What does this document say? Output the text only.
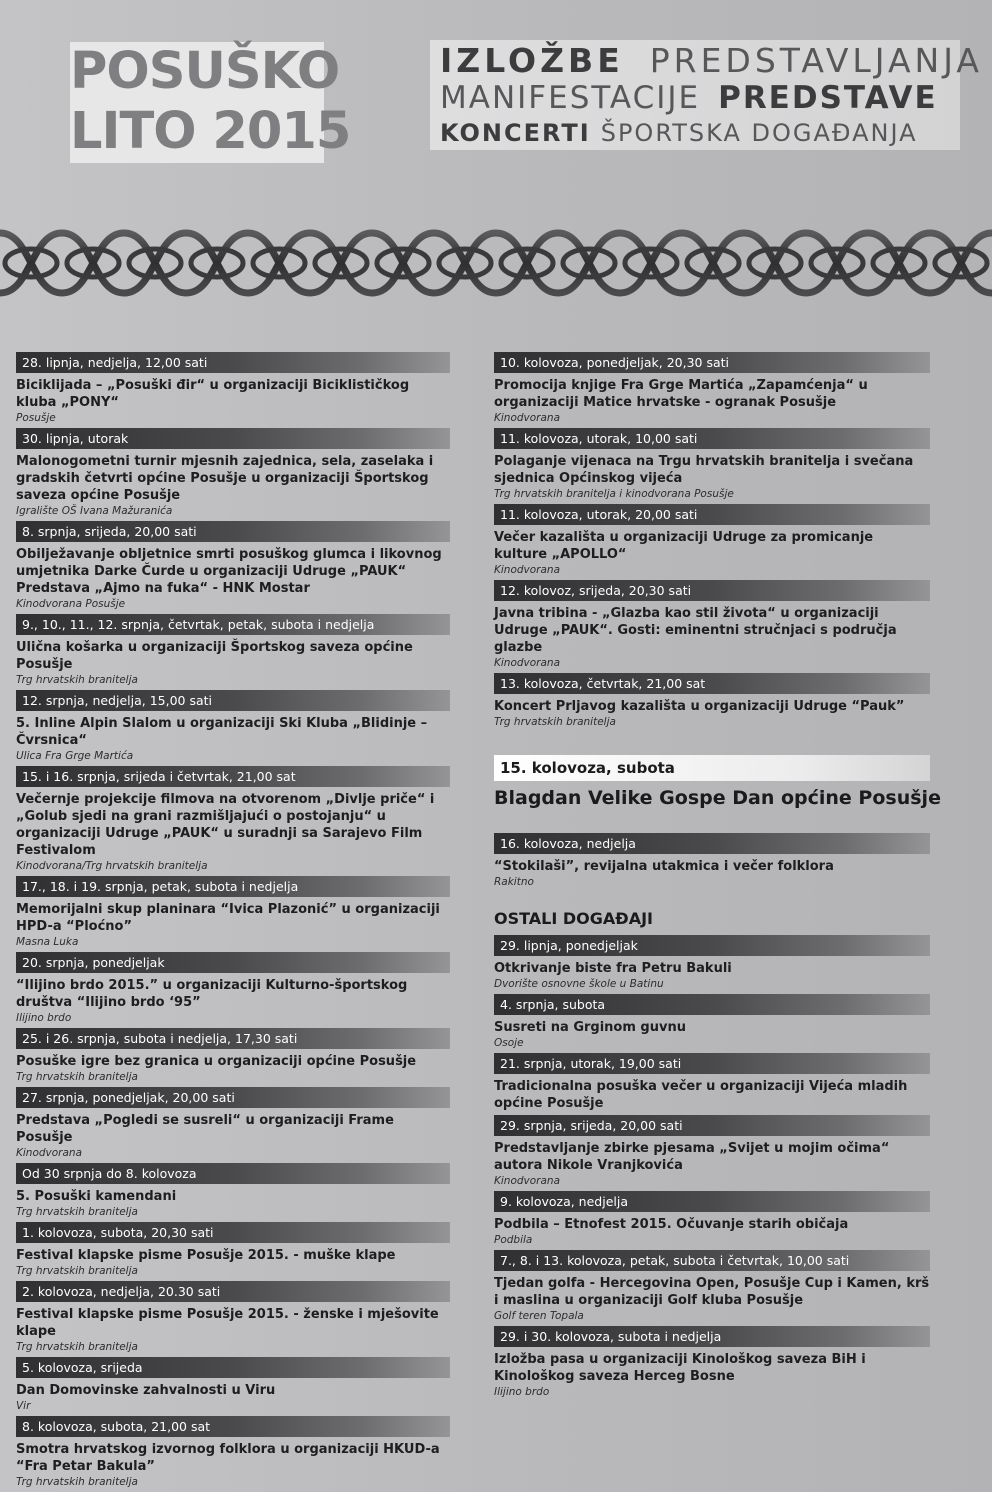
POSUŠKO
LITO 2015
IZLOŽBE PREDSTAVLJANJA
MANIFESTACIJE PREDSTAVE
KONCERTI ŠPORTSKA DOGAĐANJA
28. lipnja, nedjelja, 12,00 sati
Biciklijada – „Posuški đir“ u organizaciji Biciklističkog kluba „PONY“
Posušje
30. lipnja, utorak
Malonogometni turnir mjesnih zajednica, sela, zaselaka i gradskih četvrti općine Posušje u organizaciji Športskog saveza općine Posušje
Igralište OŠ Ivana Mažuranića
8. srpnja, srijeda, 20,00 sati
Obilježavanje obljetnice smrti posuškog glumca i likovnog umjetnika Darke Čurde u organizaciji Udruge „PAUK“ Predstava „Ajmo na fuka“ - HNK Mostar
Kinodvorana Posušje
9., 10., 11., 12. srpnja, četvrtak, petak, subota i nedjelja
Ulična košarka u organizaciji Športskog saveza općine Posušje
Trg hrvatskih branitelja
12. srpnja, nedjelja, 15,00 sati
5. Inline Alpin Slalom u organizaciji Ski Kluba „Blidinje – Čvrsnica“
Ulica Fra Grge Martića
15. i 16. srpnja, srijeda i četvrtak, 21,00 sat
Večernje projekcije filmova na otvorenom „Divlje priče“ i „Golub sjedi na grani razmišljajući o postojanju“ u organizaciji Udruge „PAUK“ u suradnji sa Sarajevo Film Festivalom
Kinodvorana/Trg hrvatskih branitelja
17., 18. i 19. srpnja, petak, subota i nedjelja
Memorijalni skup planinara “Ivica Plazonić” u organizaciji HPD-a “Ploćno”
Masna Luka
20. srpnja, ponedjeljak
“Ilijino brdo 2015.” u organizaciji Kulturno-športskog društva “Ilijino brdo ‘95”
Ilijino brdo
25. i 26. srpnja, subota i nedjelja, 17,30 sati
Posuške igre bez granica u organizaciji općine Posušje
Trg hrvatskih branitelja
27. srpnja, ponedjeljak, 20,00 sati
Predstava „Pogledi se susreli“ u organizaciji Frame Posušje
Kinodvorana
Od 30 srpnja do 8. kolovoza
5. Posuški kamendani
Trg hrvatskih branitelja
1. kolovoza, subota, 20,30 sati
Festival klapske pisme Posušje 2015. - muške klape
Trg hrvatskih branitelja
2. kolovoza, nedjelja, 20.30 sati
Festival klapske pisme Posušje 2015. - ženske i mješovite klape
Trg hrvatskih branitelja
5. kolovoza, srijeda
Dan Domovinske zahvalnosti u Viru
Vir
8. kolovoza, subota, 21,00 sat
Smotra hrvatskog izvornog folklora u organizaciji HKUD-a “Fra Petar Bakula”
Trg hrvatskih branitelja
10. kolovoza, ponedjeljak, 20,30 sati
Promocija knjige Fra Grge Martića „Zapamćenja“ u organizaciji Matice hrvatske - ogranak Posušje
Kinodvorana
11. kolovoza, utorak, 10,00 sati
Polaganje vijenaca na Trgu hrvatskih branitelja i svečana sjednica Općinskog vijeća
Trg hrvatskih branitelja i kinodvorana Posušje
11. kolovoza, utorak, 20,00 sati
Večer kazališta u organizaciji Udruge za promicanje kulture „APOLLO“
Kinodvorana
12. kolovoz, srijeda, 20,30 sati
Javna tribina - „Glazba kao stil života“ u organizaciji Udruge „PAUK“. Gosti: eminentni stručnjaci s područja glazbe
Kinodvorana
13. kolovoza, četvrtak, 21,00 sat
Koncert Prljavog kazališta u organizaciji Udruge “Pauk”
Trg hrvatskih branitelja
15. kolovoza, subota
Blagdan Velike Gospe Dan općine Posušje
16. kolovoza, nedjelja
“Stokilaši”, revijalna utakmica i večer folklora
Rakitno
OSTALI DOGAĐAJI
29. lipnja, ponedjeljak
Otkrivanje biste fra Petru Bakuli
Dvorište osnovne škole u Batinu
4. srpnja, subota
Susreti na Grginom guvnu
Osoje
21. srpnja, utorak, 19,00 sati
Tradicionalna posuška večer u organizaciji Vijeća mladih općine Posušje
29. srpnja, srijeda, 20,00 sati
Predstavljanje zbirke pjesama „Svijet u mojim očima“ autora Nikole Vranjkovića
Kinodvorana
9. kolovoza, nedjelja
Podbila – Etnofest 2015. Očuvanje starih običaja
Podbila
7., 8. i 13. kolovoza, petak, subota i četvrtak, 10,00 sati
Tjedan golfa - Hercegovina Open, Posušje Cup i Kamen, krš i maslina u organizaciji Golf kluba Posušje
Golf teren Topala
29. i 30. kolovoza, subota i nedjelja
Izložba pasa u organizaciji Kinološkog saveza BiH i Kinološkog saveza Herceg Bosne
Ilijino brdo
